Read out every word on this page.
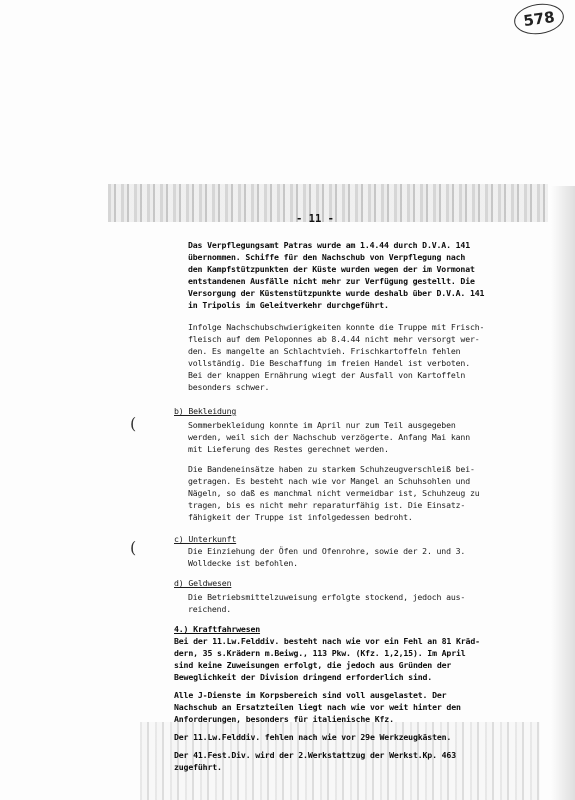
578
- 11 -
Das Verpflegungsamt Patras wurde am 1.4.44 durch D.V.A. 141
übernommen. Schiffe für den Nachschub von Verpflegung nach
den Kampfstützpunkten der Küste wurden wegen der im Vormonat
entstandenen Ausfälle nicht mehr zur Verfügung gestellt. Die
Versorgung der Küstenstützpunkte wurde deshalb über D.V.A. 141
in Tripolis im Geleitverkehr durchgeführt.
Infolge Nachschubschwierigkeiten konnte die Truppe mit Frisch-
fleisch auf dem Peloponnes ab 8.4.44 nicht mehr versorgt wer-
den. Es mangelte an Schlachtvieh. Frischkartoffeln fehlen
vollständig. Die Beschaffung im freien Handel ist verboten.
Bei der knappen Ernährung wiegt der Ausfall von Kartoffeln
besonders schwer.
b) Bekleidung
(	Sommerbekleidung konnte im April nur zum Teil ausgegeben
werden, weil sich der Nachschub verzögerte. Anfang Mai kann
mit Lieferung des Restes gerechnet werden.
Die Bandeneinsätze haben zu starkem Schuhzeugverschleiß bei-
getragen. Es besteht nach wie vor Mangel an Schuhsohlen und
Nägeln, so daß es manchmal nicht vermeidbar ist, Schuhzeug zu
tragen, bis es nicht mehr reparaturfähig ist. Die Einsatz-
fähigkeit der Truppe ist infolgedessen bedroht.
c) Unterkunft
(	Die Einziehung der Öfen und Ofenrohre, sowie der 2. und 3.
Wolldecke ist befohlen.
d) Geldwesen
Die Betriebsmittelzuweisung erfolgte stockend, jedoch aus-
reichend.
4.) Kraftfahrwesen
Bei der 11.Lw.Felddiv. besteht nach wie vor ein Fehl an 81 Kräd-
dern, 35 s.Krädern m.Beiwg., 113 Pkw. (Kfz. 1,2,15). Im April
sind keine Zuweisungen erfolgt, die jedoch aus Gründen der
Beweglichkeit der Division dringend erforderlich sind.
Alle J-Dienste im Korpsbereich sind voll ausgelastet. Der
Nachschub an Ersatzteilen liegt nach wie vor weit hinter den
Anforderungen, besonders für italienische Kfz.
Der 11.Lw.Felddiv. fehlen nach wie vor 29e Werkzeugkästen.
Der 41.Fest.Div. wird der 2.Werkstattzug der Werkst.Kp. 463
zugeführt.
